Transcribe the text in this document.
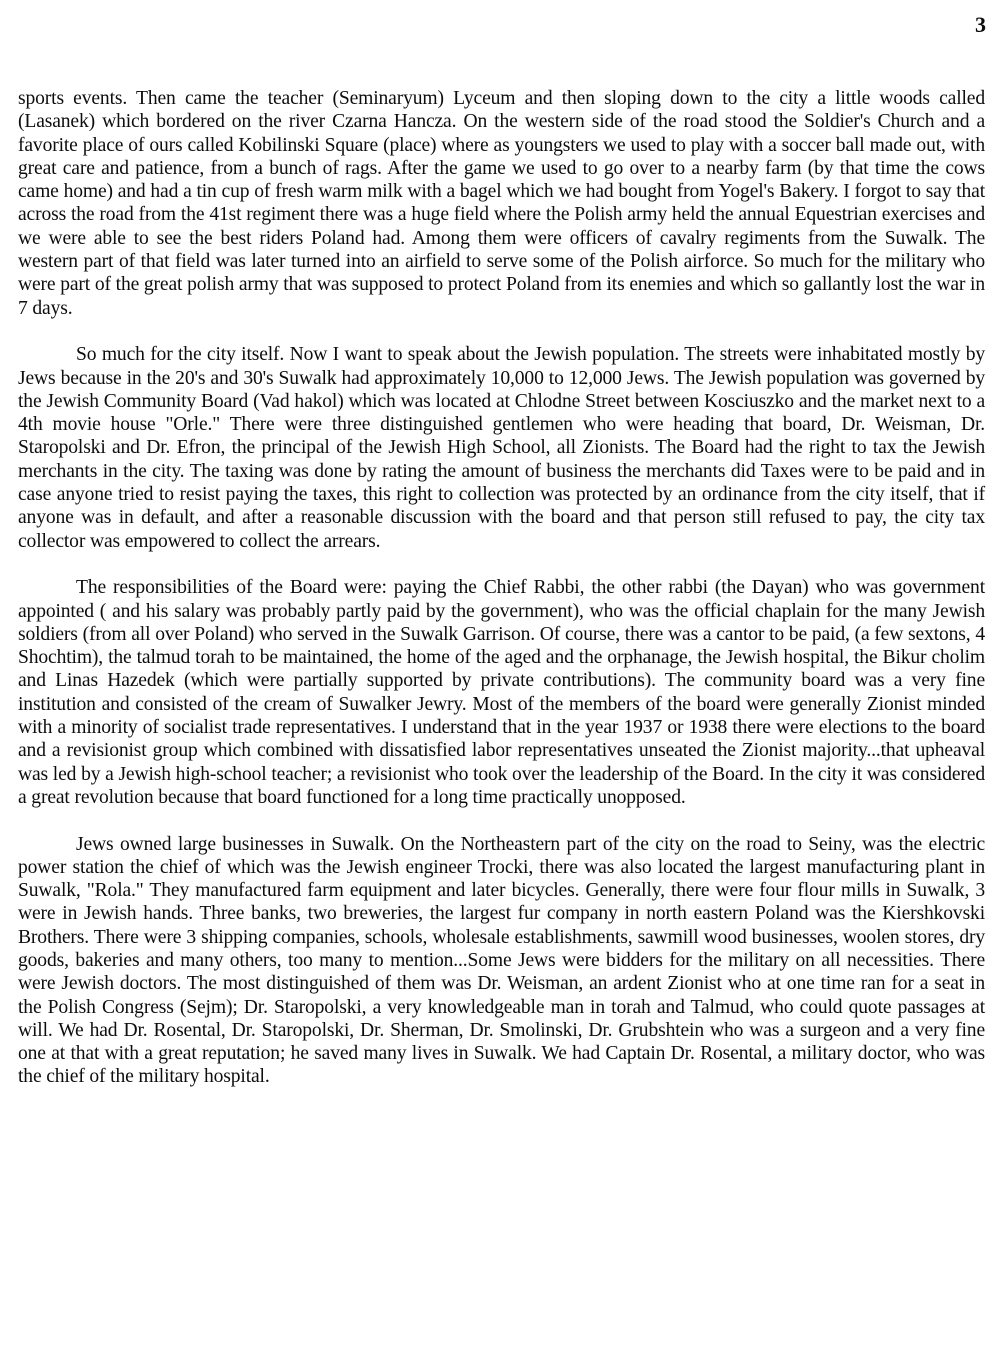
3

sports events. Then came the teacher (Seminaryum) Lyceum and then sloping down to the city a little woods called (Lasanek) which bordered on the river Czarna Hancza. On the western side of the road stood the Soldier's Church and a favorite place of ours called Kobilinski Square (place) where as youngsters we used to play with a soccer ball made out, with great care and patience, from a bunch of rags. After the game we used to go over to a nearby farm (by that time the cows came home) and had a tin cup of fresh warm milk with a bagel which we had bought from Yogel's Bakery. I forgot to say that across the road from the 41st regiment there was a huge field where the Polish army held the annual Equestrian exercises and we were able to see the best riders Poland had. Among them were officers of cavalry regiments from the Suwalk. The western part of that field was later turned into an airfield to serve some of the Polish airforce. So much for the military who were part of the great polish army that was supposed to protect Poland from its enemies and which so gallantly lost the war in 7 days.

So much for the city itself. Now I want to speak about the Jewish population. The streets were inhabitated mostly by Jews because in the 20's and 30's Suwalk had approximately 10,000 to 12,000 Jews. The Jewish population was governed by the Jewish Community Board (Vad hakol) which was located at Chlodne Street between Kosciuszko and the market next to a 4th movie house "Orle." There were three distinguished gentlemen who were heading that board, Dr. Weisman, Dr. Staropolski and Dr. Efron, the principal of the Jewish High School, all Zionists. The Board had the right to tax the Jewish merchants in the city. The taxing was done by rating the amount of business the merchants did Taxes were to be paid and in case anyone tried to resist paying the taxes, this right to collection was protected by an ordinance from the city itself, that if anyone was in default, and after a reasonable discussion with the board and that person still refused to pay, the city tax collector was empowered to collect the arrears.

The responsibilities of the Board were: paying the Chief Rabbi, the other rabbi (the Dayan) who was government appointed ( and his salary was probably partly paid by the government), who was the official chaplain for the many Jewish soldiers (from all over Poland) who served in the Suwalk Garrison. Of course, there was a cantor to be paid, (a few sextons, 4 Shochtim), the talmud torah to be maintained, the home of the aged and the orphanage, the Jewish hospital, the Bikur cholim and Linas Hazedek (which were partially supported by private contributions). The community board was a very fine institution and consisted of the cream of Suwalker Jewry. Most of the members of the board were generally Zionist minded with a minority of socialist trade representatives. I understand that in the year 1937 or 1938 there were elections to the board and a revisionist group which combined with dissatisfied labor representatives unseated the Zionist majority...that upheaval was led by a Jewish high-school teacher; a revisionist who took over the leadership of the Board. In the city it was considered a great revolution because that board functioned for a long time practically unopposed.

Jews owned large businesses in Suwalk. On the Northeastern part of the city on the road to Seiny, was the electric power station the chief of which was the Jewish engineer Trocki, there was also located the largest manufacturing plant in Suwalk, "Rola." They manufactured farm equipment and later bicycles. Generally, there were four flour mills in Suwalk, 3 were in Jewish hands. Three banks, two breweries, the largest fur company in north eastern Poland was the Kiershkovski Brothers. There were 3 shipping companies, schools, wholesale establishments, sawmill wood businesses, woolen stores, dry goods, bakeries and many others, too many to mention...Some Jews were bidders for the military on all necessities. There were Jewish doctors. The most distinguished of them was Dr. Weisman, an ardent Zionist who at one time ran for a seat in the Polish Congress (Sejm); Dr. Staropolski, a very knowledgeable man in torah and Talmud, who could quote passages at will. We had Dr. Rosental, Dr. Staropolski, Dr. Sherman, Dr. Smolinski, Dr. Grubshtein who was a surgeon and a very fine one at that with a great reputation; he saved many lives in Suwalk. We had Captain Dr. Rosental, a military doctor, who was the chief of the military hospital.
